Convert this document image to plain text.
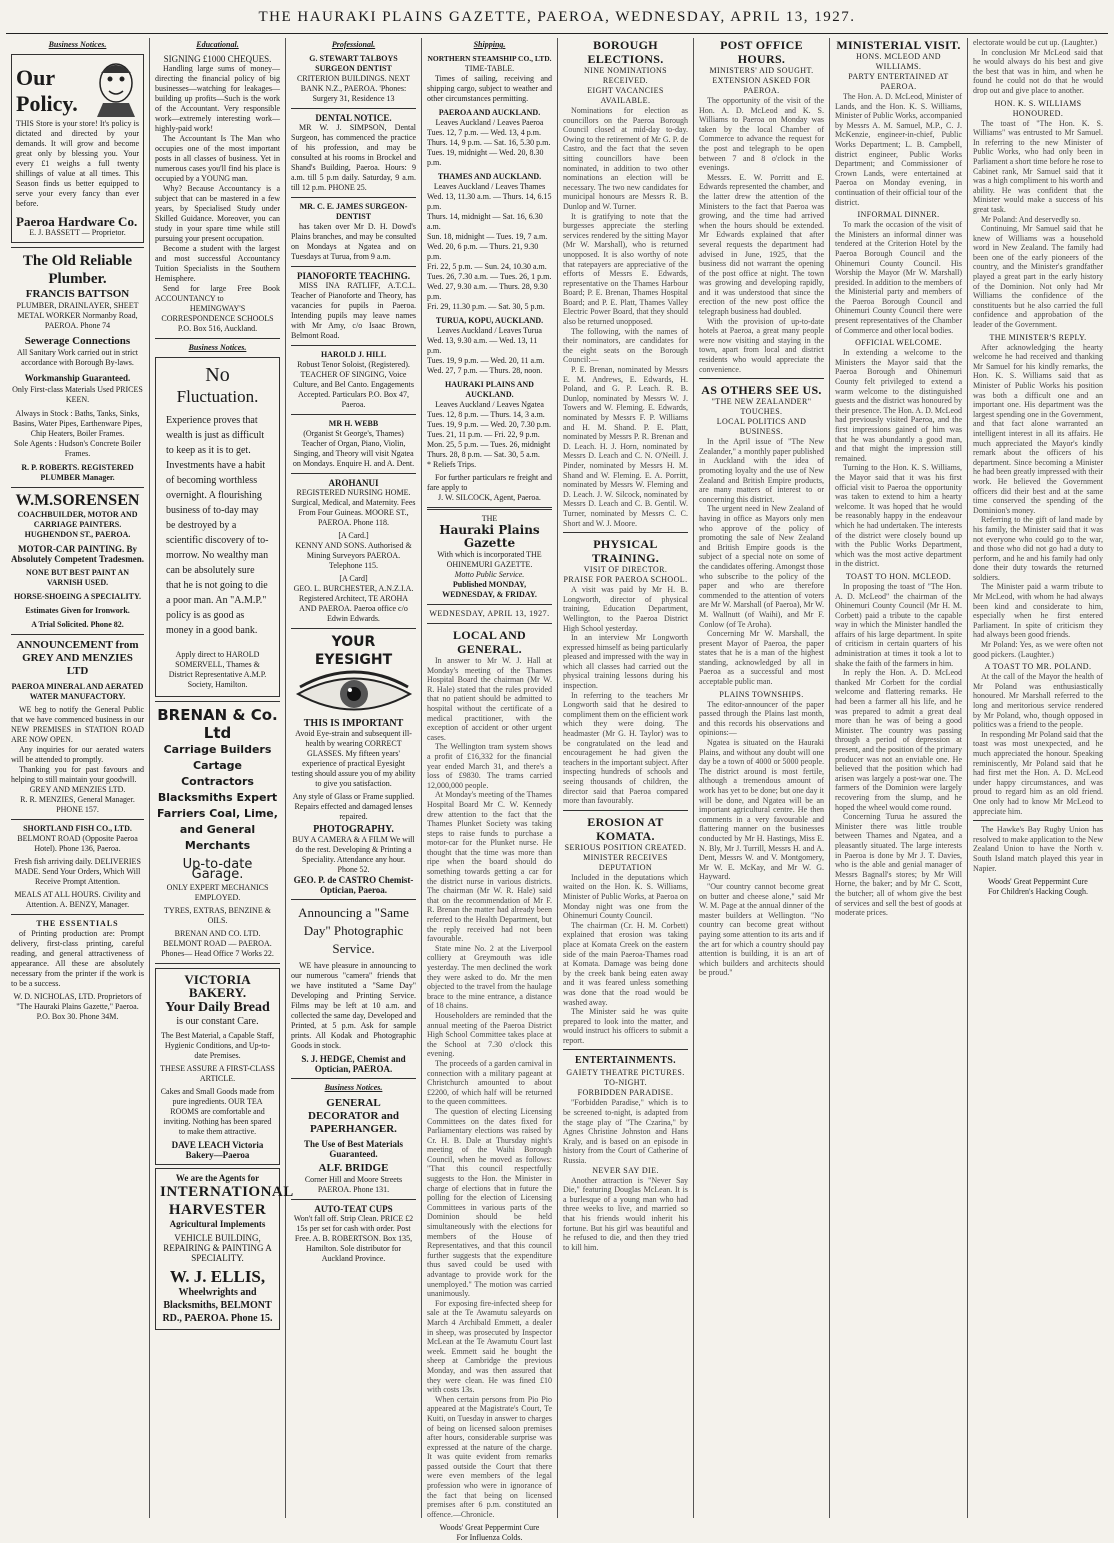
THE HAURAKI PLAINS GAZETTE, PAEROA, WEDNESDAY, APRIL 13, 1927.
Business Notices.
Our Policy.
THIS Store is your store! It's policy is dictated and directed by your demands. It will grow and become great only by blessing you. Your every £1 weighs a full twenty shillings of value at all times. This Season finds us better equipped to serve your every fancy than ever before.
Paeroa Hardware Co.
E. J. BASSETT — Proprietor.
The Old Reliable Plumber.
FRANCIS BATTSON
PLUMBER, DRAINLAYER, SHEET METAL WORKER Normanby Road, PAEROA. Phone 74
Sewerage Connections
All Sanitary Work carried out in strict accordance with Borough By-laws.
Workmanship Guaranteed.
Only First-class Materials Used PRICES KEEN.
Always in Stock : Baths, Tanks, Sinks, Basins, Water Pipes, Earthenware Pipes, Chip Heaters, Boiler Frames.
Sole Agents : Hudson's Concrete Boiler Frames.
R. P. ROBERTS. REGISTERED PLUMBER Manager.
W.M.SORENSEN
COACHBUILDER, MOTOR AND CARRIAGE PAINTERS. HUGHENDON ST., PAEROA.
MOTOR-CAR PAINTING. By Absolutely Competent Tradesmen.
NONE BUT BEST PAINT AN VARNISH USED.
HORSE-SHOEING A SPECIALITY.
Estimates Given for Ironwork.
A Trial Solicited. Phone 82.
ANNOUNCEMENT from GREY AND MENZIES LTD
PAEROA MINERAL AND AERATED WATER MANUFACTORY.
WE beg to notify the General Public that we have commenced business in our NEW PREMISES in STATION ROAD ARE NOW OPEN.
Any inquiries for our aerated waters will be attended to promptly.
Thanking you for past favours and helping to still maintain your goodwill.
GREY AND MENZIES LTD.
R. R. MENZIES, General Manager. PHONE 157.
SHORTLAND FISH CO., LTD.
BELMONT ROAD (Opposite Paeroa Hotel). Phone 136, Paeroa.
Fresh fish arriving daily. DELIVERIES MADE. Send Your Orders, Which Will Receive Prompt Attention.
MEALS AT ALL HOURS. Civility and Attention. A. BENZY, Manager.
THE ESSENTIALS
of Printing production are: Prompt delivery, first-class printing, careful reading, and general attractiveness of appearance. All these are absolutely necessary from the printer if the work is to be a success.
W. D. NICHOLAS, LTD. Proprietors of "The Hauraki Plains Gazette," Paeroa. P.O. Box 30. Phone 34M.
Educational.
SIGNING £1000 CHEQUES.
Handling large sums of money—directing the financial policy of big businesses—watching for leakages—building up profits—Such is the work of the Accountant. Very responsible work—extremely interesting work—highly-paid work!
The Accountant Is The Man who occupies one of the most important posts in all classes of business. Yet in numerous cases you'll find his place is occupied by a YOUNG man.
Why? Because Accountancy is a subject that can be mastered in a few years, by Specialised Study under Skilled Guidance. Moreover, you can study in your spare time while still pursuing your present occupation.
Become a student with the largest and most successful Accountancy Tuition Specialists in the Southern Hemisphere.
Send for large Free Book ACCOUNTANCY to
HEMINGWAY'S CORRESPONDENCE SCHOOLS P.O. Box 516, Auckland.
Business Notices.
No
Fluctuation.
Experience proves that wealth is just as difficult to keep as it is to get. Investments have a habit of becoming worthless overnight. A flourishing business of to-day may be destroyed by a scientific discovery of to-morrow. No wealthy man can be absolutely sure that he is not going to die a poor man. An "A.M.P." policy is as good as money in a good bank.
Apply direct to HAROLD SOMERVELL, Thames & District Representative A.M.P. Society, Hamilton.
BRENAN & Co. Ltd
Carriage Builders Cartage Contractors Blacksmiths Expert Farriers Coal, Lime, and General Merchants
Up-to-date Garage.
ONLY EXPERT MECHANICS EMPLOYED.
TYRES, EXTRAS, BENZINE & OILS.
BRENAN AND CO. LTD. BELMONT ROAD — PAEROA.
Phones— Head Office 7 Works 22.
VICTORIA BAKERY.
Your Daily Bread
is our constant Care.
The Best Material, a Capable Staff, Hygienic Conditions, and Up-to-date Premises.
THESE ASSURE A FIRST-CLASS ARTICLE.
Cakes and Small Goods made from pure ingredients. OUR TEA ROOMS are comfortable and inviting. Nothing has been spared to make them attractive.
DAVE LEACH Victoria Bakery—Paeroa
We are the Agents for
INTERNATIONAL HARVESTER
Agricultural Implements
VEHICLE BUILDING, REPAIRING & PAINTING A SPECIALITY.
W. J. ELLIS,
Wheelwrights and Blacksmiths, BELMONT RD., PAEROA. Phone 15.
Professional.
G. STEWART TALBOYS SURGEON DENTIST
CRITERION BUILDINGS. NEXT BANK N.Z., PAEROA. 'Phones: Surgery 31, Residence 13
DENTAL NOTICE.
MR W. J. SIMPSON, Dental Surgeon, has commenced the practice of his profession, and may be consulted at his rooms in Brockel and Shand's Building, Paeroa. Hours: 9 a.m. till 5 p.m daily. Saturday, 9 a.m. till 12 p.m. PHONE 25.
MR. C. E. JAMES SURGEON-DENTIST
has taken over Mr D. H. Dowd's Plains branches, and may be consulted on Mondays at Ngatea and on Tuesdays at Turua, from 9 a.m.
PIANOFORTE TEACHING.
MISS INA RATLIFF, A.T.C.L. Teacher of Pianoforte and Theory, has vacancies for pupils in Paeroa. Intending pupils may leave names with Mr Amy, c/o Isaac Brown, Belmont Road.
HAROLD J. HILL
Robust Tenor Soloist, (Registered). TEACHER OF SINGING, Voice Culture, and Bel Canto. Engagements Accepted. Particulars P.O. Box 47, Paeroa.
MR H. WEBB
(Organist St George's, Thames) Teacher of Organ, Piano, Violin, Singing, and Theory will visit Ngatea on Mondays. Enquire H. and A. Dent.
AROHANUI
REGISTERED NURSING HOME. Surgical, Medical, and Maternity. Fees From Four Guineas. MOORE ST., PAEROA. Phone 118.
[A Card.]
KENNY AND SONS. Authorised & Mining Surveyors PAEROA. Telephone 115.
[A Card]
GEO. L. BURCHESTER, A.N.Z.I.A. Registered Architect, TE AROHA AND PAEROA. Paeroa office c/o Edwin Edwards.
YOUR EYESIGHT
THIS IS IMPORTANT
Avoid Eye-strain and subsequent ill-health by wearing CORRECT GLASSES. My fifteen years' experience of practical Eyesight testing should assure you of my ability to give you satisfaction.
Any style of Glass or Frame supplied. Repairs effected and damaged lenses repaired.
PHOTOGRAPHY.
BUY A CAMERA & A FILM We will do the rest. Developing & Printing a Speciality. Attendance any hour. Phone 52.
GEO. P. de CASTRO Chemist-Optician, Paeroa.
Announcing a "Same Day" Photographic Service.
WE have pleasure in announcing to our numerous "camera" friends that we have instituted a "Same Day" Developing and Printing Service. Films may be left at 10 a.m. and collected the same day, Developed and Printed, at 5 p.m. Ask for sample prints. All Kodak and Photographic Goods in stock.
S. J. HEDGE, Chemist and Optician, PAEROA.
Business Notices.
GENERAL DECORATOR and PAPERHANGER.
The Use of Best Materials Guaranteed.
ALF. BRIDGE
Corner Hill and Moore Streets PAEROA. Phone 131.
AUTO-TEAT CUPS
Won't fall off. Strip Clean. PRICE £2 15s per set for cash with order. Post Free. A. B. ROBERTSON. Box 135, Hamilton. Sole distributor for Auckland Province.
Shipping.
NORTHERN STEAMSHIP CO., LTD.
TIME-TABLE.
Times of sailing, receiving and shipping cargo, subject to weather and other circumstances permitting.
PAEROA AND AUCKLAND.
Leaves Auckland / Leaves Paeroa
Tues. 12, 7 p.m. — Wed. 13, 4 p.m.
Thurs. 14, 9 p.m. — Sat. 16, 5.30 p.m.
Tues. 19, midnight — Wed. 20, 8.30 p.m.
THAMES AND AUCKLAND.
Leaves Auckland / Leaves Thames
Wed. 13, 11.30 a.m. — Thurs. 14, 6.15 p.m.
Thurs. 14, midnight — Sat. 16, 6.30 a.m.
Sun. 18, midnight — Tues. 19, 7 a.m.
Wed. 20, 6 p.m. — Thurs. 21, 9.30 p.m.
Fri. 22, 5 p.m. — Sun. 24, 10.30 a.m.
Tues. 26, 7.30 a.m. — Tues. 26, 1 p.m.
Wed. 27, 9.30 a.m. — Thurs. 28, 9.30 p.m.
Fri. 29, 11.30 p.m. — Sat. 30, 5 p.m.
TURUA, KOPU, AUCKLAND.
Leaves Auckland / Leaves Turua
Wed. 13, 9.30 a.m. — Wed. 13, 11 p.m.
Tues. 19, 9 p.m. — Wed. 20, 11 a.m.
Wed. 27, 7 p.m. — Thurs. 28, noon.
HAURAKI PLAINS AND AUCKLAND.
Leaves Auckland / Leaves Ngatea
Tues. 12, 8 p.m. — Thurs. 14, 3 a.m.
Tues. 19, 9 p.m. — Wed. 20, 7.30 p.m.
Tues. 21, 11 p.m. — Fri. 22, 9 p.m.
Mon. 25, 5 p.m. — Tues. 26, midnight
Thurs. 28, 8 p.m. — Sat. 30, 5 a.m.
* Reliefs Trips.
For further particulars re freight and fare apply to
J. W. SILCOCK, Agent, Paeroa.
THE
Hauraki Plains Gazette
With which is incorporated THE OHINEMURI GAZETTE.
Motto Public Service.
Published MONDAY, WEDNESDAY, & FRIDAY.
WEDNESDAY, APRIL 13, 1927.
LOCAL AND GENERAL.
In answer to Mr W. J. Hall at Monday's meeting of the Thames Hospital Board the chairman (Mr W. R. Hale) stated that the rules provided that no patient should be admitted to hospital without the certificate of a medical practitioner, with the exception of accident or other urgent cases.
The Wellington tram system shows a profit of £16,332 for the financial year ended March 31, and there's a loss of £9830. The trams carried 12,000,000 people.
At Monday's meeting of the Thames Hospital Board Mr C. W. Kennedy drew attention to the fact that the Thames Plunket Society was taking steps to raise funds to purchase a motor-car for the Plunket nurse. He thought that the time was more than ripe when the board should do something towards getting a car for the district nurse in various districts. The chairman (Mr W. R. Hale) said that on the recommendation of Mr F. R. Brenan the matter had already been referred to the Health Department, but the reply received had not been favourable.
State mine No. 2 at the Liverpool colliery at Greymouth was idle yesterday. The men declined the work they were asked to do. Mr the men objected to the travel from the haulage brace to the mine entrance, a distance of 18 chains.
Householders are reminded that the annual meeting of the Paeroa District High School Committee takes place at the School at 7.30 o'clock this evening.
The proceeds of a garden carnival in connection with a military pageant at Christchurch amounted to about £2200, of which half will be returned to the queen committees.
The question of electing Licensing Committees on the dates fixed for Parliamentary elections was raised by Cr. H. B. Dale at Thursday night's meeting of the Waihi Borough Council, when he moved as follows: "That this council respectfully suggests to the Hon. the Minister in charge of elections that in future the polling for the election of Licensing Committees in various parts of the Dominion should be held simultaneously with the elections for members of the House of Representatives, and that this council further suggests that the expenditure thus saved could be used with advantage to provide work for the unemployed." The motion was carried unanimously.
For exposing fire-infected sheep for sale at the Te Awamutu saleyards on March 4 Archibald Emmett, a dealer in sheep, was prosecuted by Inspector McLean at the Te Awamutu Court last week. Emmett said he bought the sheep at Cambridge the previous Monday, and was then assured that they were clean. He was fined £10 with costs 13s.
When certain persons from Pio Pio appeared at the Magistrate's Court, Te Kuiti, on Tuesday in answer to charges of being on licensed saloon premises after hours, considerable surprise was expressed at the nature of the charge. It was quite evident from remarks passed outside the Court that there were even members of the legal profession who were in ignorance of the fact that being on licensed premises after 6 p.m. constituted an offence.—Chronicle.
Woods' Great Peppermint Cure
For Influenza Colds.
BOROUGH ELECTIONS.
NINE NOMINATIONS RECEIVED.
EIGHT VACANCIES AVAILABLE.
Nominations for election as councillors on the Paeroa Borough Council closed at mid-day to-day. Owing to the retirement of Mr G. P. de Castro, and the fact that the seven sitting councillors have been nominated, in addition to two other nominations an election will be necessary. The two new candidates for municipal honours are Messrs R. B. Dunlop and W. Turner.
It is gratifying to note that the burgesses appreciate the sterling services rendered by the sitting Mayor (Mr W. Marshall), who is returned unopposed. It is also worthy of note that ratepayers are appreciative of the efforts of Messrs E. Edwards, representative on the Thames Harbour Board; P. E. Brenan, Thames Hospital Board; and P. E. Platt, Thames Valley Electric Power Board, that they should also be returned unopposed.
The following, with the names of their nominators, are candidates for the eight seats on the Borough Council:—
P. E. Brenan, nominated by Messrs E. M. Andrews, E. Edwards, H. Poland, and G. P. Leach. R. B. Dunlop, nominated by Messrs W. J. Towers and W. Fleming. E. Edwards, nominated by Messrs F. P. Williams and H. M. Shand. P. E. Platt, nominated by Messrs P. R. Brenan and D. Leach. H. J. Horn, nominated by Messrs D. Leach and C. N. O'Neill. J. Pinder, nominated by Messrs H. M. Shand and W. Fleming. E. A. Porritt, nominated by Messrs W. Fleming and D. Leach. J. W. Silcock, nominated by Messrs D. Leach and C. B. Gentil. W. Turner, nominated by Messrs C. C. Short and W. J. Moore.
PHYSICAL TRAINING.
VISIT OF DIRECTOR.
PRAISE FOR PAEROA SCHOOL.
A visit was paid by Mr H. B. Longworth, director of physical training, Education Department, Wellington, to the Paeroa District High School yesterday.
In an interview Mr Longworth expressed himself as being particularly pleased and impressed with the way in which all classes had carried out the physical training lessons during his inspection.
In referring to the teachers Mr Longworth said that he desired to compliment them on the efficient work which they were doing. The headmaster (Mr G. H. Taylor) was to be congratulated on the lead and encouragement he had given the teachers in the important subject. After inspecting hundreds of schools and seeing thousands of children, the director said that Paeroa compared more than favourably.
EROSION AT KOMATA.
SERIOUS POSITION CREATED.
MINISTER RECEIVES DEPUTATION
Included in the deputations which waited on the Hon. K. S. Williams, Minister of Public Works, at Paeroa on Monday night was one from the Ohinemuri County Council.
The chairman (Cr. H. M. Corbett) explained that erosion was taking place at Komata Creek on the eastern side of the main Paeroa-Thames road at Komata. Damage was being done by the creek bank being eaten away and it was feared unless something was done that the road would be washed away.
The Minister said he was quite prepared to look into the matter, and would instruct his officers to submit a report.
ENTERTAINMENTS.
GAIETY THEATRE PICTURES.
TO-NIGHT.
FORBIDDEN PARADISE.
"Forbidden Paradise," which is to be screened to-night, is adapted from the stage play of "The Czarina," by Agnes Christine Johnston and Hans Kraly, and is based on an episode in history from the Court of Catherine of Russia.
NEVER SAY DIE.
Another attraction is "Never Say Die," featuring Douglas McLean. It is a burlesque of a young man who had three weeks to live, and married so that his friends would inherit his fortune. But his girl was beautiful and he refused to die, and then they tried to kill him.
POST OFFICE HOURS.
MINISTERS' AID SOUGHT.
EXTENSION ASKED FOR PAEROA.
The opportunity of the visit of the Hon. A. D. McLeod and K. S. Williams to Paeroa on Monday was taken by the local Chamber of Commerce to advance the request for the post and telegraph to be open between 7 and 8 o'clock in the evenings.
Messrs. E. W. Porritt and E. Edwards represented the chamber, and the latter drew the attention of the Ministers to the fact that Paeroa was growing, and the time had arrived when the hours should be extended. Mr Edwards explained that after several requests the department had advised in June, 1925, that the business did not warrant the opening of the post office at night. The town was growing and developing rapidly, and it was understood that since the erection of the new post office the telegraph business had doubled.
With the provision of up-to-date hotels at Paeroa, a great many people were now visiting and staying in the town, apart from local and district residents who would appreciate the convenience.
AS OTHERS SEE US.
"THE NEW ZEALANDER" TOUCHES.
LOCAL POLITICS AND BUSINESS.
In the April issue of "The New Zealander," a monthly paper published in Auckland with the idea of promoting loyalty and the use of New Zealand and British Empire products, are many matters of interest to or concerning this district.
The urgent need in New Zealand of having in office as Mayors only men who approve of the policy of promoting the sale of New Zealand and British Empire goods is the subject of a special note on some of the candidates offering. Amongst those who subscribe to the policy of the paper and who are therefore commended to the attention of voters are Mr W. Marshall (of Paeroa), Mr W. M. Wallnutt (of Waihi), and Mr F. Conlow (of Te Aroha).
Concerning Mr W. Marshall, the present Mayor of Paeroa, the paper states that he is a man of the highest standing, acknowledged by all in Paeroa as a successful and most acceptable public man.
PLAINS TOWNSHIPS.
The editor-announcer of the paper passed through the Plains last month, and this records his observations and opinions:—
Ngatea is situated on the Hauraki Plains, and without any doubt will one day be a town of 4000 or 5000 people. The district around is most fertile, although a tremendous amount of work has yet to be done; but one day it will be done, and Ngatea will be an important agricultural centre. He then comments in a very favourable and flattering manner on the businesses conducted by Mr H. Hastings, Miss E. N. Bly, Mr J. Turrill, Messrs H. and A. Dent, Messrs W. and V. Montgomery, Mr W. E. McKay, and Mr W. G. Hayward.
"Our country cannot become great on butter and cheese alone," said Mr W. M. Page at the annual dinner of the master builders at Wellington. "No country can become great without paying some attention to its arts and if the art for which a country should pay attention is building, it is an art of which builders and architects should be proud."
MINISTERIAL VISIT.
HONS. MCLEOD AND WILLIAMS.
PARTY ENTERTAINED AT PAEROA.
The Hon. A. D. McLeod, Minister of Lands, and the Hon. K. S. Williams, Minister of Public Works, accompanied by Messrs A. M. Samuel, M.P., C. J. McKenzie, engineer-in-chief, Public Works Department; L. B. Campbell, district engineer, Public Works Department; and Commissioner of Crown Lands, were entertained at Paeroa on Monday evening, in continuation of their official tour of the district.
INFORMAL DINNER.
To mark the occasion of the visit of the Ministers an informal dinner was tendered at the Criterion Hotel by the Paeroa Borough Council and the Ohinemuri County Council. His Worship the Mayor (Mr W. Marshall) presided. In addition to the members of the Ministerial party and members of the Paeroa Borough Council and Ohinemuri County Council there were present representatives of the Chamber of Commerce and other local bodies.
OFFICIAL WELCOME.
In extending a welcome to the Ministers the Mayor said that the Paeroa Borough and Ohinemuri County felt privileged to extend a warm welcome to the distinguished guests and the district was honoured by their presence. The Hon. A. D. McLeod had previously visited Paeroa, and the first impressions gained of him was that he was abundantly a good man, and that might the impression still remained.
Turning to the Hon. K. S. Williams, the Mayor said that it was his first official visit to Paeroa the opportunity was taken to extend to him a hearty welcome. It was hoped that he would be reasonably happy in the endeavour which he had undertaken. The interests of the district were closely bound up with the Public Works Department, which was the most active department in the district.
TOAST TO HON. MCLEOD.
In proposing the toast of "The Hon. A. D. McLeod" the chairman of the Ohinemuri County Council (Mr H. M. Corbett) paid a tribute to the capable way in which the Minister handled the affairs of his large department. In spite of criticism in certain quarters of his administration at times it took a lot to shake the faith of the farmers in him.
In reply the Hon. A. D. McLeod thanked Mr Corbett for the cordial welcome and flattering remarks. He had been a farmer all his life, and he was prepared to admit a great deal more than he was of being a good Minister. The country was passing through a period of depression at present, and the position of the primary producer was not an enviable one. He believed that the position which had arisen was largely a post-war one. The farmers of the Dominion were largely recovering from the slump, and he hoped the wheel would come round.
Concerning Turua he assured the Minister there was little trouble between Thames and Ngatea, and a pleasantly situated. The large interests in Paeroa is done by Mr J. T. Davies, who is the able and genial manager of Messrs Bagnall's stores; by Mr Will Horne, the baker; and by Mr C. Scott, the butcher; all of whom give the best of services and sell the best of goods at moderate prices.
electorate would be cut up. (Laughter.)
In conclusion Mr McLeod said that he would always do his best and give the best that was in him, and when he found he could not do that he would drop out and give place to another.
HON. K. S. WILLIAMS HONOURED.
The toast of "The Hon. K. S. Williams" was entrusted to Mr Samuel. In referring to the new Minister of Public Works, who had only been in Parliament a short time before he rose to Cabinet rank, Mr Samuel said that it was a high compliment to his worth and ability. He was confident that the Minister would make a success of his great task.
Mr Poland: And deservedly so.
Continuing, Mr Samuel said that he knew of Williams was a household word in New Zealand. The family had been one of the early pioneers of the country, and the Minister's grandfather played a great part in the early history of the Dominion. Not only had Mr Williams the confidence of the constituents but he also carried the full confidence and approbation of the leader of the Government.
THE MINISTER'S REPLY.
After acknowledging the hearty welcome he had received and thanking Mr Samuel for his kindly remarks, the Hon. K. S. Williams said that as Minister of Public Works his position was both a difficult one and an important one. His department was the largest spending one in the Government, and that fact alone warranted an intelligent interest in all its affairs. He much appreciated the Mayor's kindly remark about the officers of his department. Since becoming a Minister he had been greatly impressed with their work. He believed the Government officers did their best and at the same time conserved the spending of the Dominion's money.
Referring to the gift of land made by his family, the Minister said that it was not everyone who could go to the war, and those who did not go had a duty to perform, and he and his family had only done their duty towards the returned soldiers.
The Minister paid a warm tribute to Mr McLeod, with whom he had always been kind and considerate to him, especially when he first entered Parliament. In spite of criticism they had always been good friends.
Mr Poland: Yes, as we were often not good pickers. (Laughter.)
A TOAST TO MR. POLAND.
At the call of the Mayor the health of Mr Poland was enthusiastically honoured. Mr Marshall referred to the long and meritorious service rendered by Mr Poland, who, though opposed in politics was a friend to the people.
In responding Mr Poland said that the toast was most unexpected, and he much appreciated the honour. Speaking reminiscently, Mr Poland said that he had first met the Hon. A. D. McLeod under happy circumstances, and was proud to regard him as an old friend. One only had to know Mr McLeod to appreciate him.
The Hawke's Bay Rugby Union has resolved to make application to the New Zealand Union to have the North v. South Island match played this year in Napier.
Woods' Great Peppermint Cure
For Children's Hacking Cough.
